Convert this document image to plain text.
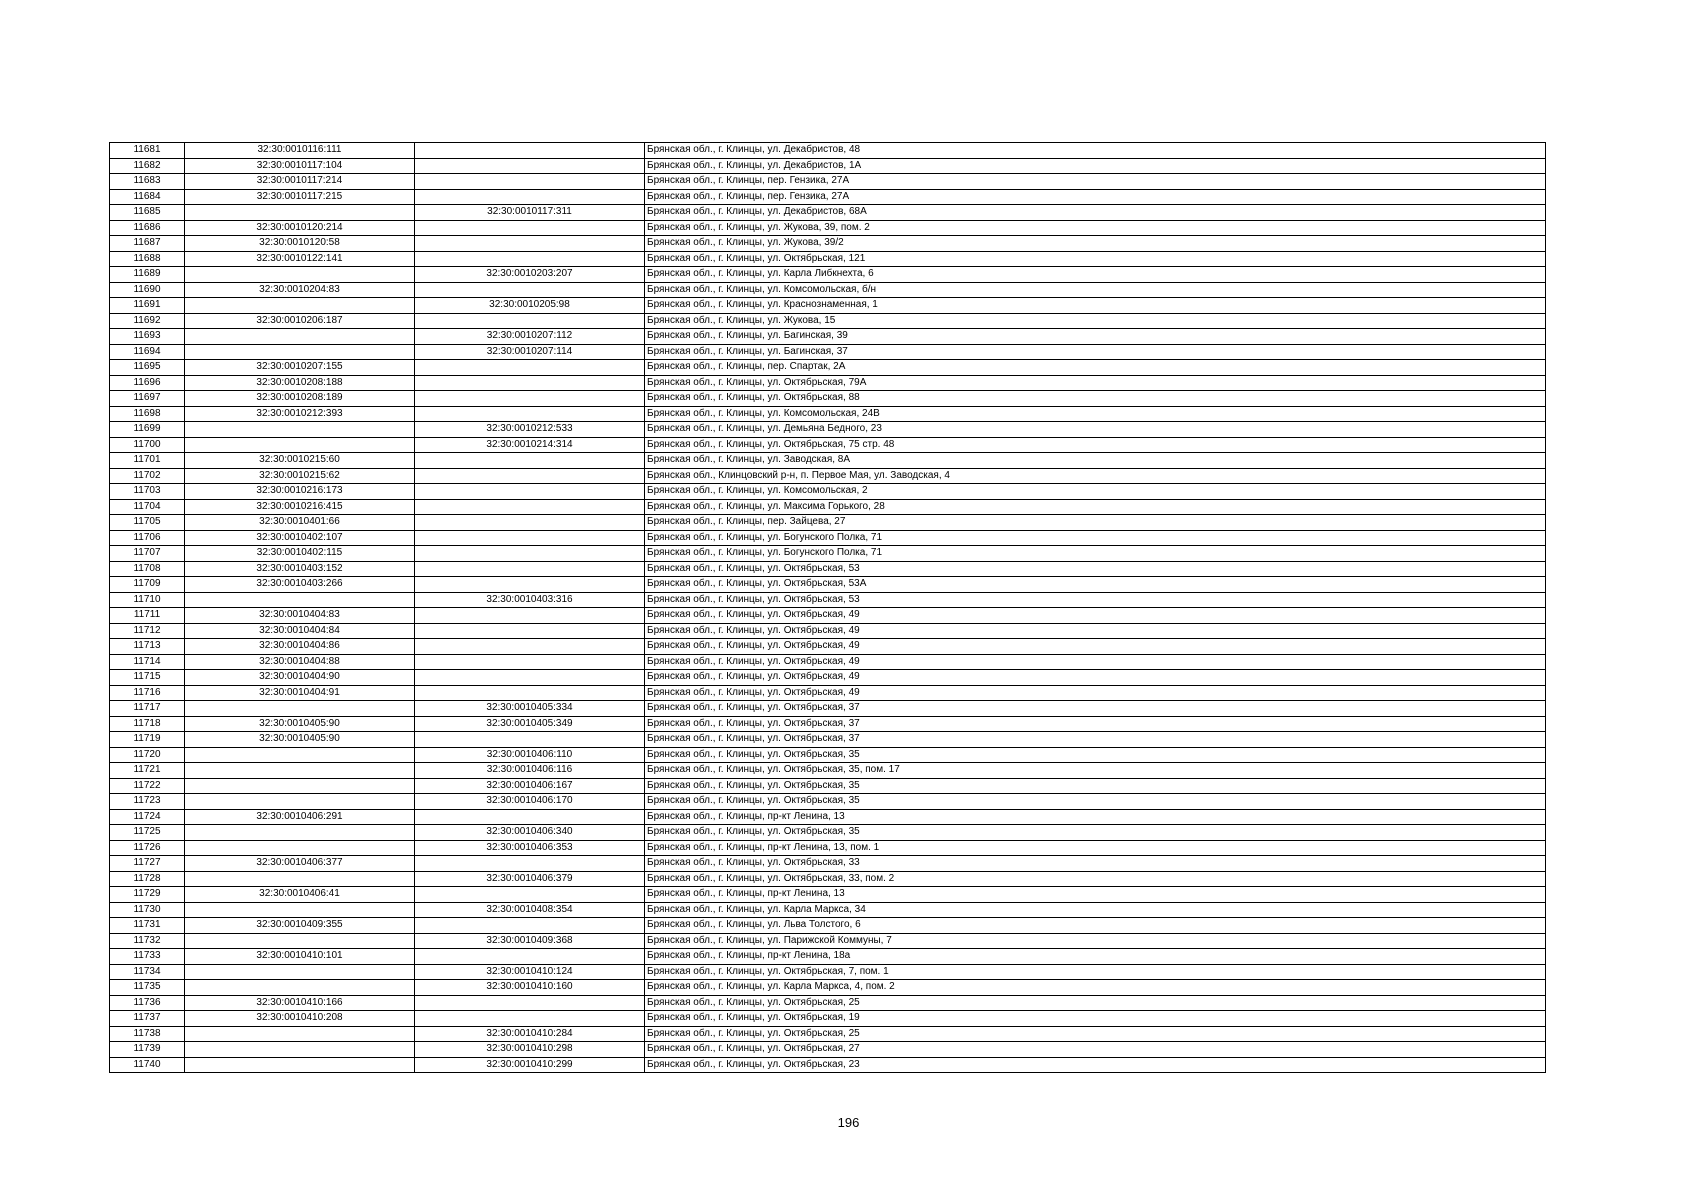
11681	32:30:0010116:111		Брянская обл., г. Клинцы, ул. Декабристов, 48
11682	32:30:0010117:104		Брянская обл., г. Клинцы, ул. Декабристов, 1А
11683	32:30:0010117:214		Брянская обл., г. Клинцы, пер. Гензика, 27А
11684	32:30:0010117:215		Брянская обл., г. Клинцы, пер. Гензика, 27А
11685		32:30:0010117:311	Брянская обл., г. Клинцы, ул. Декабристов, 68А
11686	32:30:0010120:214		Брянская обл., г. Клинцы, ул. Жукова, 39, пом. 2
11687	32:30:0010120:58		Брянская обл., г. Клинцы, ул. Жукова, 39/2
11688	32:30:0010122:141		Брянская обл., г. Клинцы, ул. Октябрьская, 121
11689		32:30:0010203:207	Брянская обл., г. Клинцы, ул. Карла Либкнехта, 6
11690	32:30:0010204:83		Брянская обл., г. Клинцы, ул. Комсомольская, б/н
11691		32:30:0010205:98	Брянская обл., г. Клинцы, ул. Краснознаменная, 1
11692	32:30:0010206:187		Брянская обл., г. Клинцы, ул. Жукова, 15
11693		32:30:0010207:112	Брянская обл., г. Клинцы, ул. Багинская, 39
11694		32:30:0010207:114	Брянская обл., г. Клинцы, ул. Багинская, 37
11695	32:30:0010207:155		Брянская обл., г. Клинцы, пер. Спартак, 2А
11696	32:30:0010208:188		Брянская обл., г. Клинцы, ул. Октябрьская, 79А
11697	32:30:0010208:189		Брянская обл., г. Клинцы, ул. Октябрьская, 88
11698	32:30:0010212:393		Брянская обл., г. Клинцы, ул. Комсомольская, 24В
11699		32:30:0010212:533	Брянская обл., г. Клинцы, ул. Демьяна Бедного, 23
11700		32:30:0010214:314	Брянская обл., г. Клинцы, ул. Октябрьская, 75 стр. 48
11701	32:30:0010215:60		Брянская обл., г. Клинцы, ул. Заводская, 8А
11702	32:30:0010215:62		Брянская обл., Клинцовский р-н, п. Первое Мая, ул. Заводская, 4
11703	32:30:0010216:173		Брянская обл., г. Клинцы, ул. Комсомольская, 2
11704	32:30:0010216:415		Брянская обл., г. Клинцы, ул. Максима Горького, 28
11705	32:30:0010401:66		Брянская обл., г. Клинцы, пер. Зайцева, 27
11706	32:30:0010402:107		Брянская обл., г. Клинцы, ул. Богунского Полка, 71
11707	32:30:0010402:115		Брянская обл., г. Клинцы, ул. Богунского Полка, 71
11708	32:30:0010403:152		Брянская обл., г. Клинцы, ул. Октябрьская, 53
11709	32:30:0010403:266		Брянская обл., г. Клинцы, ул. Октябрьская, 53А
11710		32:30:0010403:316	Брянская обл., г. Клинцы, ул. Октябрьская, 53
11711	32:30:0010404:83		Брянская обл., г. Клинцы, ул. Октябрьская, 49
11712	32:30:0010404:84		Брянская обл., г. Клинцы, ул. Октябрьская, 49
11713	32:30:0010404:86		Брянская обл., г. Клинцы, ул. Октябрьская, 49
11714	32:30:0010404:88		Брянская обл., г. Клинцы, ул. Октябрьская, 49
11715	32:30:0010404:90		Брянская обл., г. Клинцы, ул. Октябрьская, 49
11716	32:30:0010404:91		Брянская обл., г. Клинцы, ул. Октябрьская, 49
11717		32:30:0010405:334	Брянская обл., г. Клинцы, ул. Октябрьская, 37
11718	32:30:0010405:90	32:30:0010405:349	Брянская обл., г. Клинцы, ул. Октябрьская, 37
11719	32:30:0010405:90		Брянская обл., г. Клинцы, ул. Октябрьская, 37
11720		32:30:0010406:110	Брянская обл., г. Клинцы, ул. Октябрьская, 35
11721		32:30:0010406:116	Брянская обл., г. Клинцы, ул. Октябрьская, 35, пом. 17
11722		32:30:0010406:167	Брянская обл., г. Клинцы, ул. Октябрьская, 35
11723		32:30:0010406:170	Брянская обл., г. Клинцы, ул. Октябрьская, 35
11724	32:30:0010406:291		Брянская обл., г. Клинцы, пр-кт Ленина, 13
11725		32:30:0010406:340	Брянская обл., г. Клинцы, ул. Октябрьская, 35
11726		32:30:0010406:353	Брянская обл., г. Клинцы, пр-кт Ленина, 13, пом. 1
11727	32:30:0010406:377		Брянская обл., г. Клинцы, ул. Октябрьская, 33
11728		32:30:0010406:379	Брянская обл., г. Клинцы, ул. Октябрьская, 33, пом. 2
11729	32:30:0010406:41		Брянская обл., г. Клинцы, пр-кт Ленина, 13
11730		32:30:0010408:354	Брянская обл., г. Клинцы, ул. Карла Маркса, 34
11731	32:30:0010409:355		Брянская обл., г. Клинцы, ул. Льва Толстого, 6
11732		32:30:0010409:368	Брянская обл., г. Клинцы, ул. Парижской Коммуны, 7
11733	32:30:0010410:101		Брянская обл., г. Клинцы, пр-кт Ленина, 18а
11734		32:30:0010410:124	Брянская обл., г. Клинцы, ул. Октябрьская, 7, пом. 1
11735		32:30:0010410:160	Брянская обл., г. Клинцы, ул. Карла Маркса, 4, пом. 2
11736	32:30:0010410:166		Брянская обл., г. Клинцы, ул. Октябрьская, 25
11737	32:30:0010410:208		Брянская обл., г. Клинцы, ул. Октябрьская, 19
11738		32:30:0010410:284	Брянская обл., г. Клинцы, ул. Октябрьская, 25
11739		32:30:0010410:298	Брянская обл., г. Клинцы, ул. Октябрьская, 27
11740		32:30:0010410:299	Брянская обл., г. Клинцы, ул. Октябрьская, 23
196
